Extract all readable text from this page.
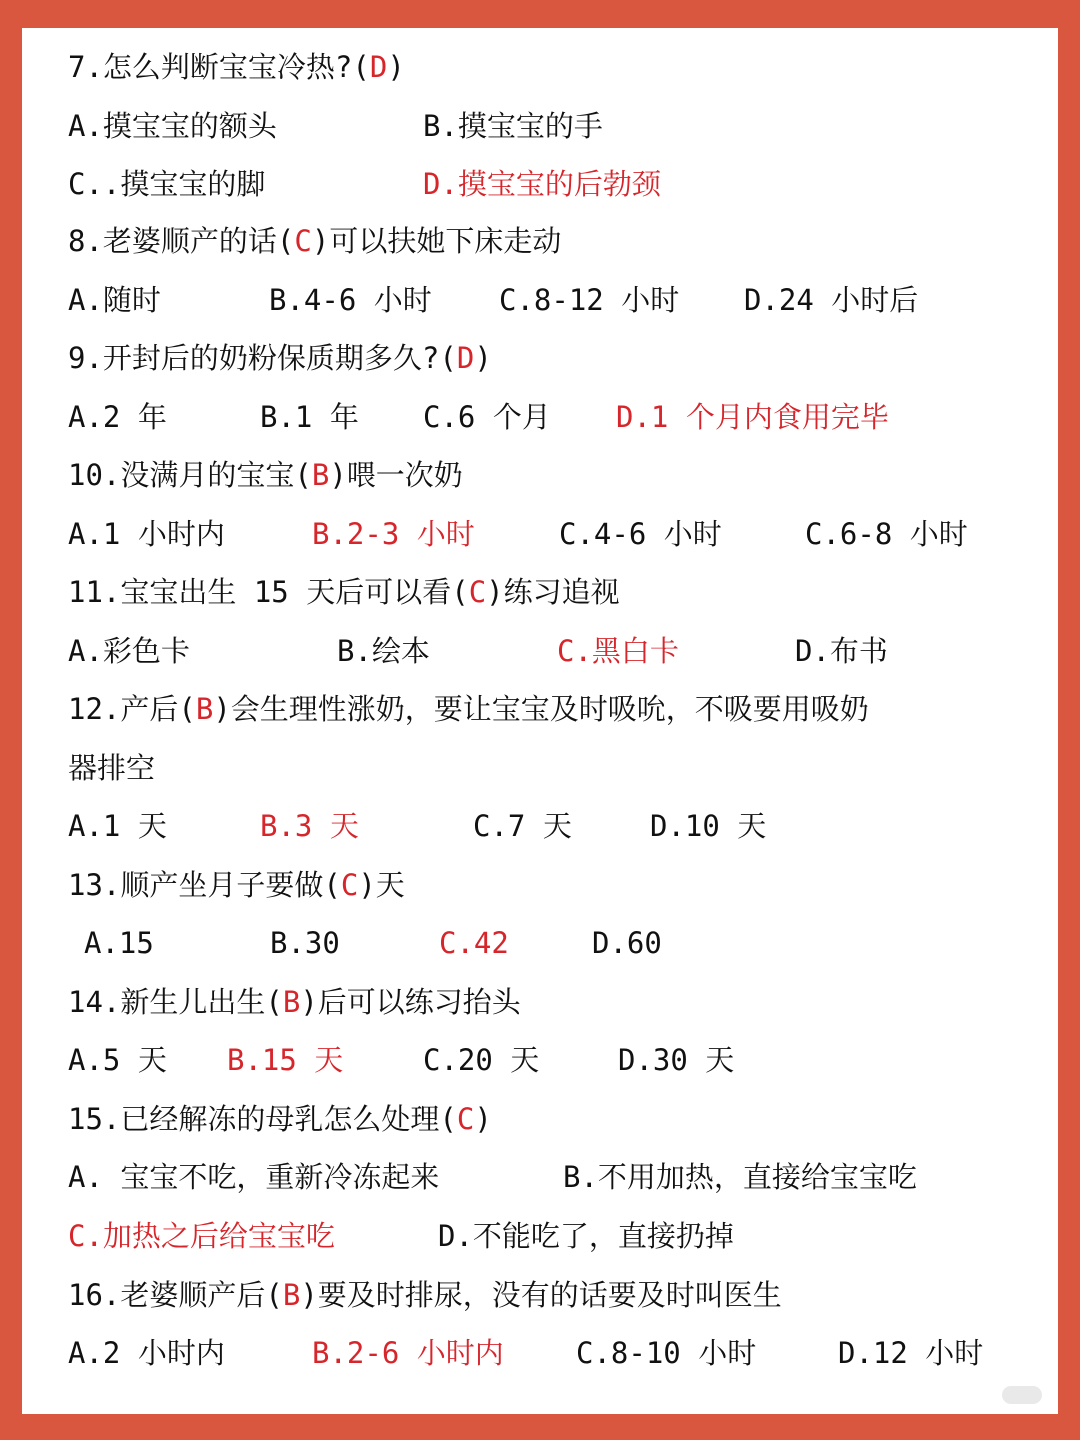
7.怎么判断宝宝冷热?(D)
A.摸宝宝的额头	B.摸宝宝的手
C..摸宝宝的脚	D.摸宝宝的后勃颈
8.老婆顺产的话(C)可以扶她下床走动
A.随时	B.4-6 小时 C.8-12 小时 D.24 小时后
9.开封后的奶粉保质期多久?(D)
A.2 年	B.1 年 C.6 个月 D.1 个月内食用完毕
10.没满月的宝宝(B)喂一次奶
A.1 小时内	B.2-3 小时	C.4-6 小时	C.6-8 小时
11.宝宝出生 15 天后可以看(C)练习追视
A.彩色卡	B.绘本	C.黑白卡	D.布书
12.产后(B)会生理性涨奶，要让宝宝及时吸吮，不吸要用吸奶
器排空
A.1 天	B.3 天	C.7 天	D.10 天
13.顺产坐月子要做(C)天
A.15	B.30	C.42	D.60
14.新生儿出生(B)后可以练习抬头
A.5 天 B.15 天	C.20 天	D.30 天
15.已经解冻的母乳怎么处理(C)
A. 宝宝不吃，重新冷冻起来	B.不用加热，直接给宝宝吃
C.加热之后给宝宝吃	D.不能吃了，直接扔掉
16.老婆顺产后(B)要及时排尿，没有的话要及时叫医生
A.2 小时内	B.2-6 小时内 C.8-10 小时	D.12 小时
